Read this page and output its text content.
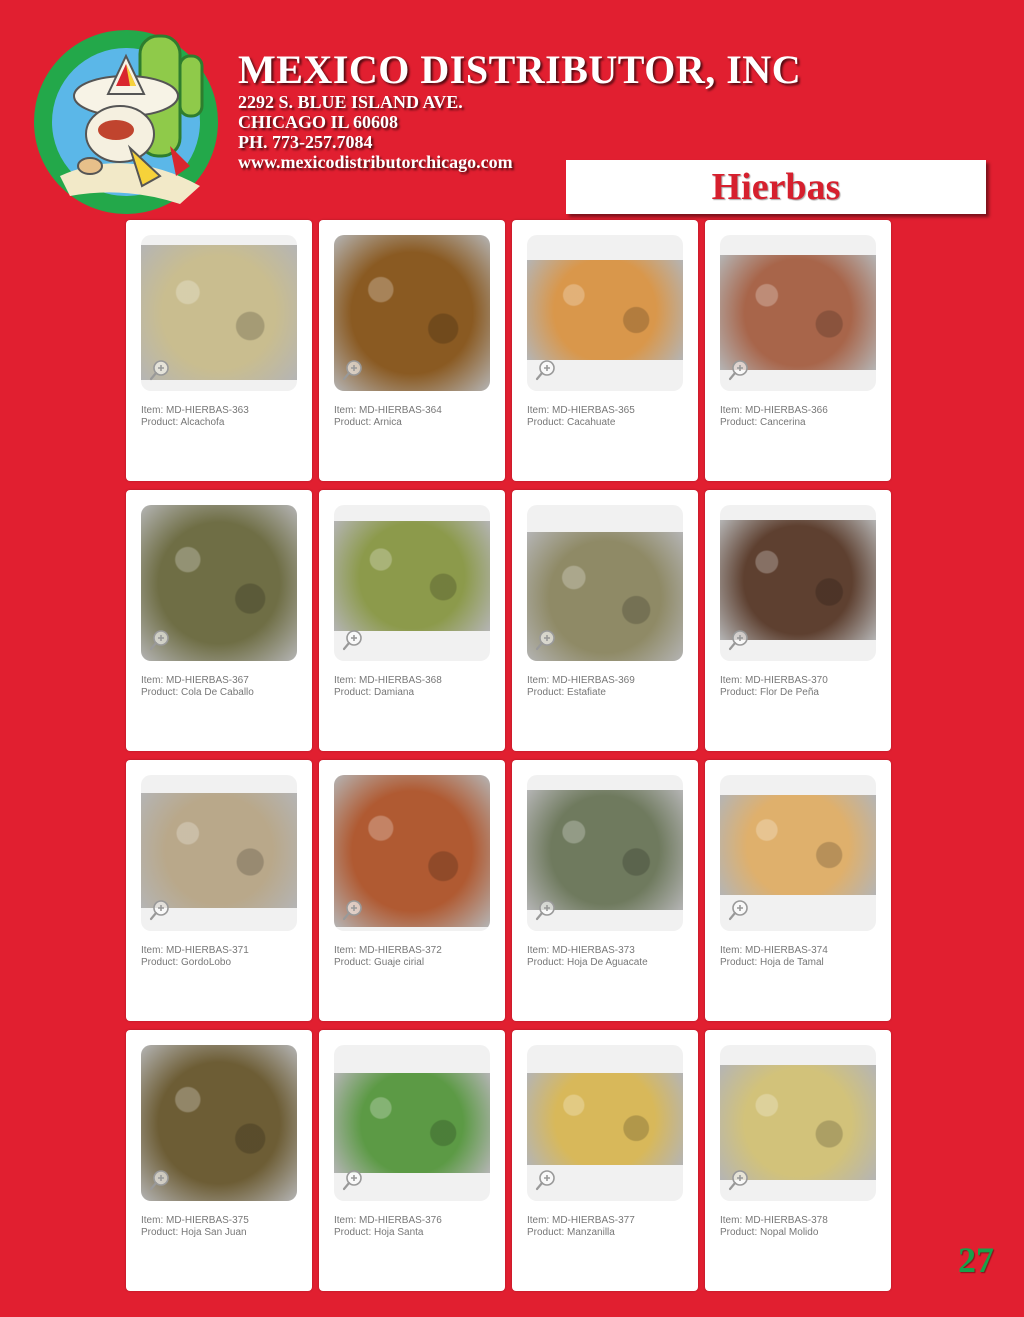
MEXICO DISTRIBUTOR, INC
2292 S. BLUE ISLAND AVE.
CHICAGO IL 60608
PH. 773-257.7084
www.mexicodistributorchicago.com
Hierbas
Item: MD-HIERBAS-363
Product: Alcachofa
Item: MD-HIERBAS-364
Product: Arnica
Item: MD-HIERBAS-365
Product: Cacahuate
Item: MD-HIERBAS-366
Product: Cancerina
Item: MD-HIERBAS-367
Product: Cola De Caballo
Item: MD-HIERBAS-368
Product: Damiana
Item: MD-HIERBAS-369
Product: Estafiate
Item: MD-HIERBAS-370
Product: Flor De Peña
Item: MD-HIERBAS-371
Product: GordoLobo
Item: MD-HIERBAS-372
Product: Guaje cirial
Item: MD-HIERBAS-373
Product: Hoja De Aguacate
Item: MD-HIERBAS-374
Product: Hoja de Tamal
Item: MD-HIERBAS-375
Product: Hoja San Juan
Item: MD-HIERBAS-376
Product: Hoja Santa
Item: MD-HIERBAS-377
Product: Manzanilla
Item: MD-HIERBAS-378
Product: Nopal Molido
27
